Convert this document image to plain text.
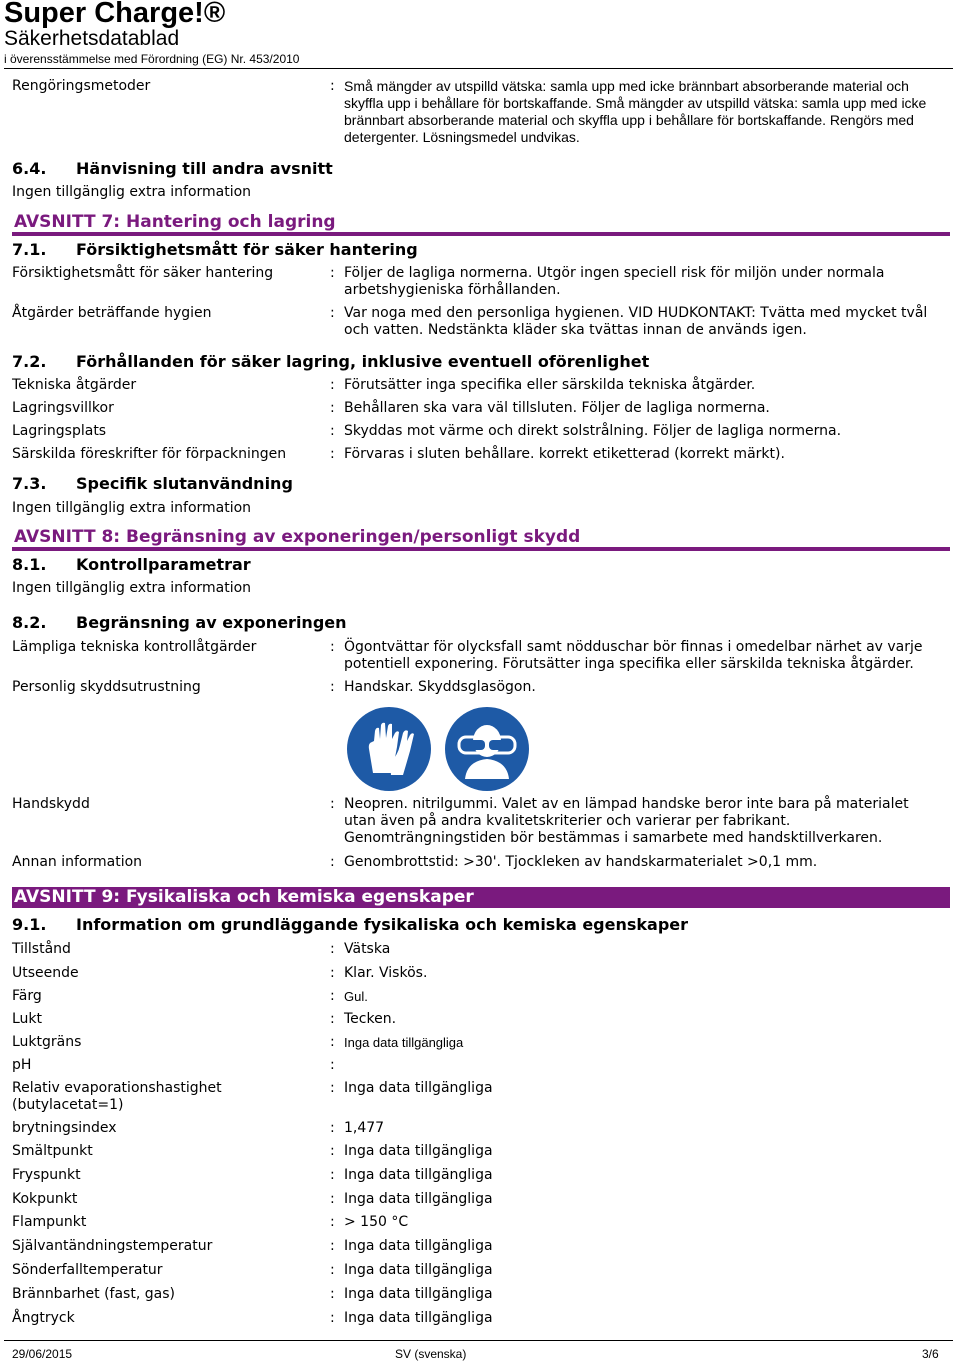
Super Charge!®
Säkerhetsdatablad
i överensstämmelse med Förordning (EG) Nr. 453/2010
Rengöringsmetoder	: Små mängder av utspilld vätska: samla upp med icke brännbart absorberande material och skyffla upp i behållare för bortskaffande. Små mängder av utspilld vätska: samla upp med icke brännbart absorberande material och skyffla upp i behållare för bortskaffande. Rengörs med detergenter. Lösningsmedel undvikas.
6.4. Hänvisning till andra avsnitt
Ingen tillgänglig extra information
AVSNITT 7: Hantering och lagring
7.1. Försiktighetsmått för säker hantering
Försiktighetsmått för säker hantering	: Följer de lagliga normerna. Utgör ingen speciell risk för miljön under normala arbetshygieniska förhållanden.
Åtgärder beträffande hygien	: Var noga med den personliga hygienen. VID HUDKONTAKT: Tvätta med mycket tvål och vatten. Nedstänkta kläder ska tvättas innan de används igen.
7.2. Förhållanden för säker lagring, inklusive eventuell oförenlighet
Tekniska åtgärder	: Förutsätter inga specifika eller särskilda tekniska åtgärder.
Lagringsvillkor	: Behållaren ska vara väl tillsluten. Följer de lagliga normerna.
Lagringsplats	: Skyddas mot värme och direkt solstrålning. Följer de lagliga normerna.
Särskilda föreskrifter för förpackningen	: Förvaras i sluten behållare. korrekt etiketterad (korrekt märkt).
7.3. Specifik slutanvändning
Ingen tillgänglig extra information
AVSNITT 8: Begränsning av exponeringen/personligt skydd
8.1. Kontrollparametrar
Ingen tillgänglig extra information
8.2. Begränsning av exponeringen
Lämpliga tekniska kontrollåtgärder	: Ögontvättar för olycksfall samt nödduschar bör finnas i omedelbar närhet av varje potentiell exponering. Förutsätter inga specifika eller särskilda tekniska åtgärder.
Personlig skyddsutrustning	: Handskar. Skyddsglasögon.
Handskydd	: Neopren. nitrilgummi. Valet av en lämpad handske beror inte bara på materialet utan även på andra kvalitetskriterier och varierar per fabrikant. Genomträngningstiden bör bestämmas i samarbete med handsktillverkaren.
Annan information	: Genombrottstid: >30'. Tjockleken av handskarmaterialet >0,1 mm.
AVSNITT 9: Fysikaliska och kemiska egenskaper
9.1. Information om grundläggande fysikaliska och kemiska egenskaper
Tillstånd	: Vätska
Utseende	: Klar. Viskös.
Färg	: Gul.
Lukt	: Tecken.
Luktgräns	: Inga data tillgängliga
pH	:
Relativ evaporationshastighet (butylacetat=1)
: Inga data tillgängliga
brytningsindex	: 1,477
Smältpunkt	: Inga data tillgängliga
Fryspunkt	: Inga data tillgängliga
Kokpunkt	: Inga data tillgängliga
Flampunkt	: > 150 °C
Självantändningstemperatur	: Inga data tillgängliga
Sönderfalltemperatur	: Inga data tillgängliga
Brännbarhet (fast, gas)	: Inga data tillgängliga
Ångtryck	: Inga data tillgängliga
29/06/2015	SV (svenska)	3/6
